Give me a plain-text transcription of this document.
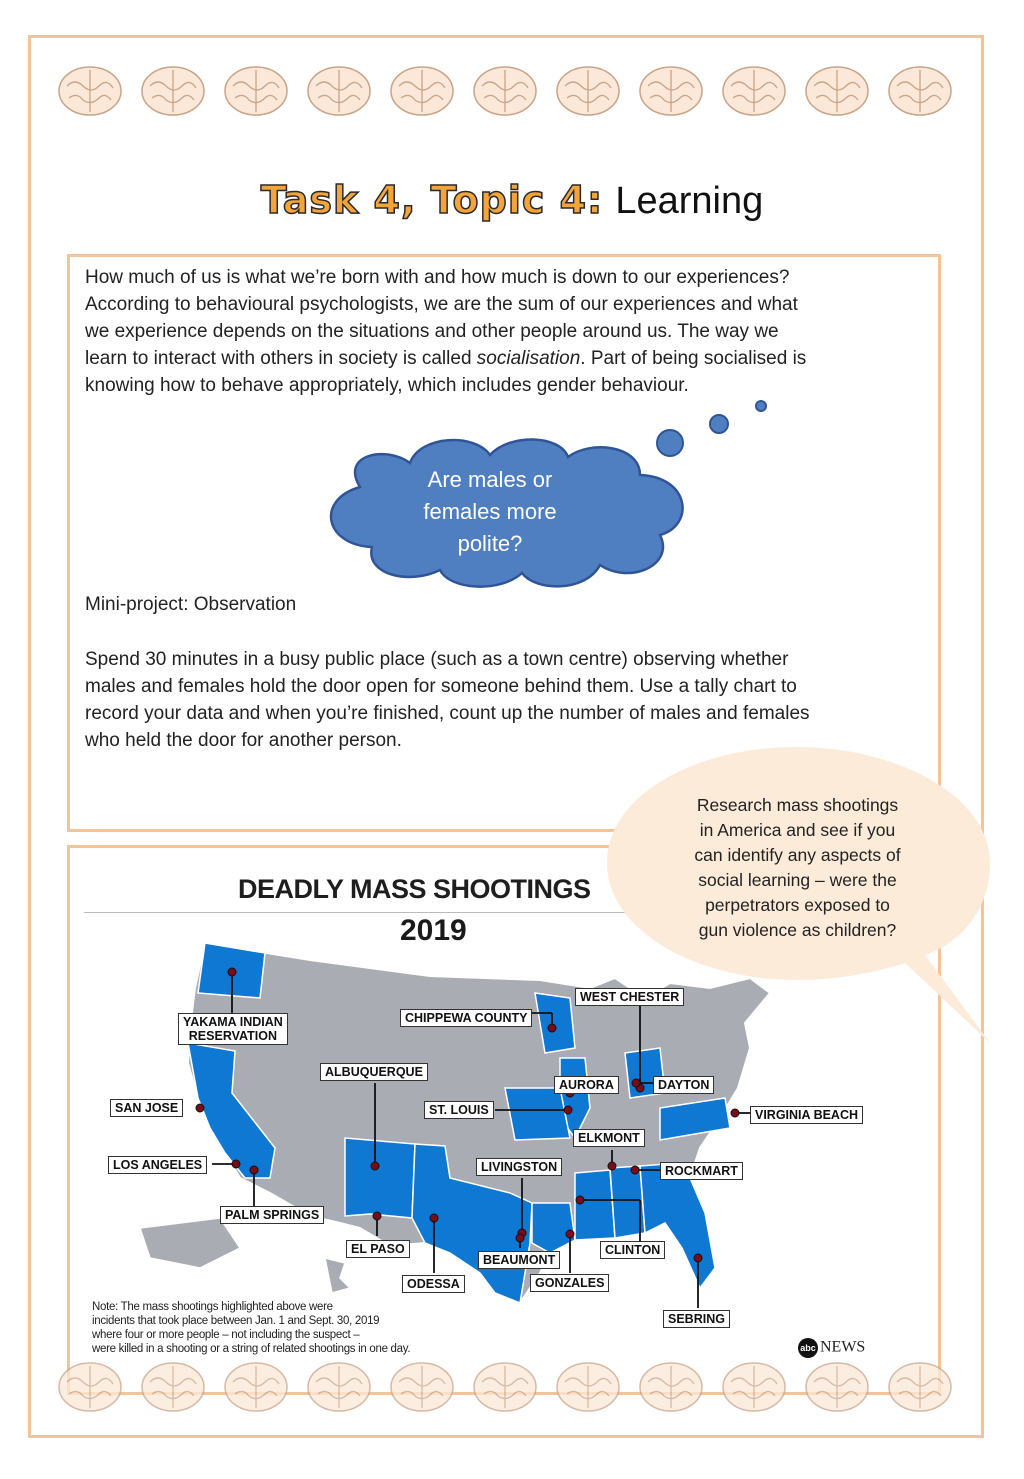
Task 4, Topic 4: Learning
How much of us is what we’re born with and how much is down to our experiences?
According to behavioural psychologists, we are the sum of our experiences and what
we experience depends on the situations and other people around us. The way we
learn to interact with others in society is called socialisation. Part of being socialised is
knowing how to behave appropriately, which includes gender behaviour.
Are males or
females more
polite?
Mini-project: Observation
Spend 30 minutes in a busy public place (such as a town centre) observing whether
males and females hold the door open for someone behind them. Use a tally chart to
record your data and when you’re finished, count up the number of males and females
who held the door for another person.
DEADLY MASS SHOOTINGS
2019
YAKAMA INDIAN
RESERVATION
CHIPPEWA COUNTY
WEST CHESTER
ALBUQUERQUE
AURORA	DAYTON
SAN JOSE	ST. LOUIS	VIRGINIA BEACH
ELKMONT
LOS ANGELES	LIVINGSTON	ROCKMART
PALM SPRINGS
EL PASO	CLINTON
BEAUMONT
ODESSA	GONZALES
SEBRING
Note: The mass shootings highlighted above were
incidents that took place between Jan. 1 and Sept. 30, 2019
where four or more people – not including the suspect –
were killed in a shooting or a string of related shootings in one day.	abc NEWS
Research mass shootings
in America and see if you
can identify any aspects of
social learning – were the
perpetrators exposed to
gun violence as children?
